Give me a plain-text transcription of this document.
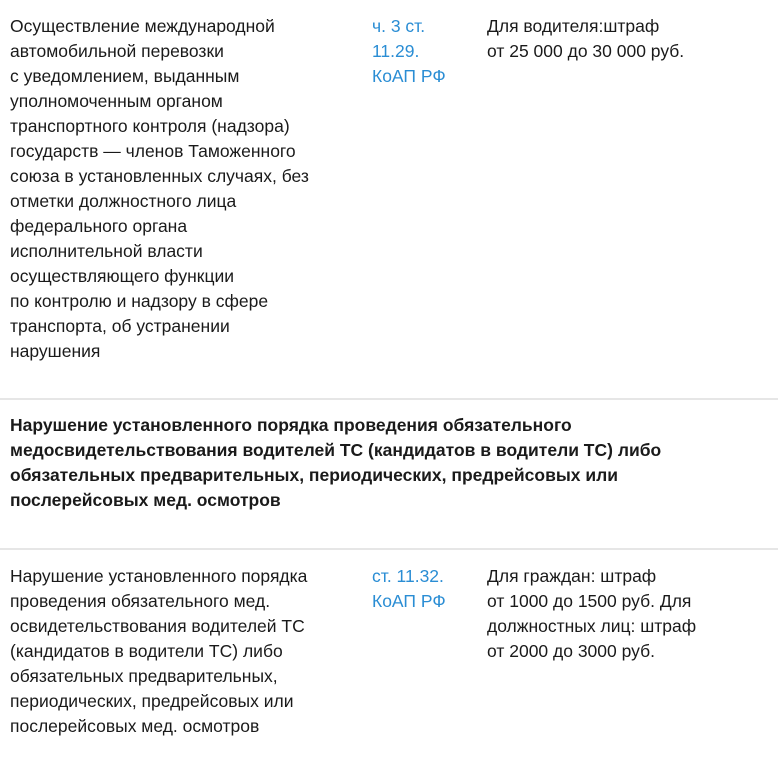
Осуществление международной
автомобильной перевозки
с уведомлением, выданным
уполномоченным органом
транспортного контроля (надзора)
государств — членов Таможенного
союза в установленных случаях, без
отметки должностного лица
федерального органа
исполнительной власти
осуществляющего функции
по контролю и надзору в сфере
транспорта, об устранении
нарушения
ч. 3 ст.
11.29.
КоАП РФ
Для водителя:штраф
от 25 000 до 30 000 руб.
Нарушение установленного порядка проведения обязательного
медосвидетельствования водителей ТС (кандидатов в водители ТС) либо
обязательных предварительных, периодических, предрейсовых или
послерейсовых мед. осмотров
Нарушение установленного порядка
проведения обязательного мед.
освидетельствования водителей ТС
(кандидатов в водители ТС) либо
обязательных предварительных,
периодических, предрейсовых или
послерейсовых мед. осмотров
ст. 11.32.
КоАП РФ
Для граждан: штраф
от 1000 до 1500 руб. Для
должностных лиц: штраф
от 2000 до 3000 руб.
